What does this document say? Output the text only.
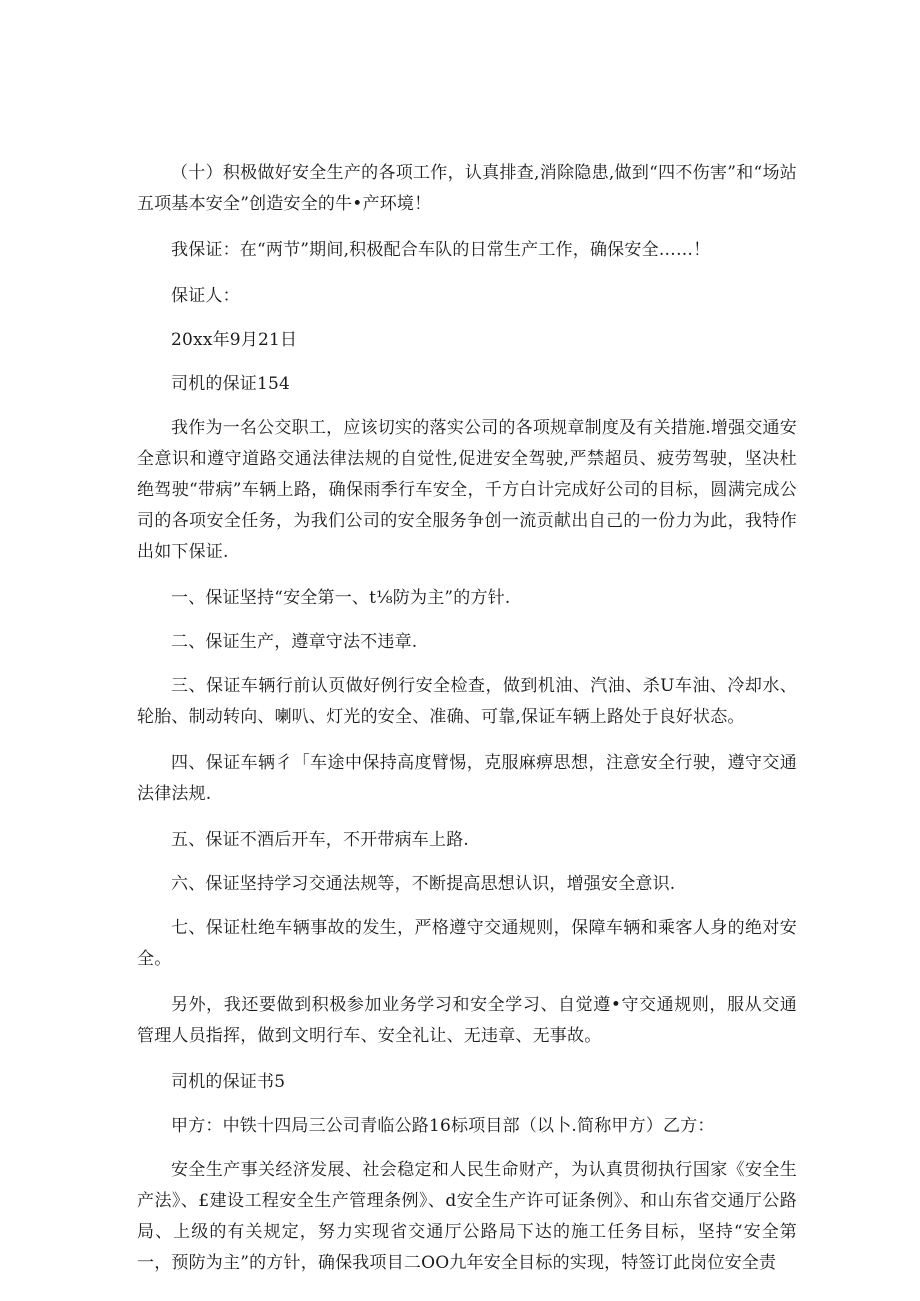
（十）积极做好安全生产的各项工作，认真排查,消除隐患,做到“四不伤害”和“场站五项基本安全”创造安全的牛•产环境！

我保证：在“两节”期间,积极配合车队的日常生产工作，确保安全……！

保证人：

20xx年9月21日

司机的保证154

我作为一名公交职工，应该切实的落实公司的各项规章制度及有关措施.增强交通安全意识和遵守道路交通法律法规的自觉性,促进安全驾驶,严禁超员、疲劳驾驶，坚决杜绝驾驶“带病”车辆上路，确保雨季行车安全，千方白计完成好公司的目标，圆满完成公司的各项安全任务，为我们公司的安全服务争创一流贡献出自己的一份力为此，我特作出如下保证.

一、保证坚持“安全第一、t⅛防为主”的方针.

二、保证生产，遵章守法不违章.

三、保证车辆行前认页做好例行安全检查，做到机油、汽油、杀U车油、冷却水、轮胎、制动转向、喇叭、灯光的安全、准确、可靠,保证车辆上路处于良好状态。

四、保证车辆彳「车途中保持高度臂惕，克服麻痹思想，注意安全行驶，遵守交通法律法规.

五、保证不酒后开车，不开带病车上路.

六、保证坚持学习交通法规等，不断提高思想认识，增强安全意识.

七、保证杜绝车辆事故的发生，严格遵守交通规则，保障车辆和乘客人身的绝对安全。

另外，我还要做到积极参加业务学习和安全学习、自觉遵•守交通规则，服从交通管理人员指挥，做到文明行车、安全礼让、无违章、无事故。

司机的保证书5

甲方：中铁十四局三公司青临公路16标项目部（以卜.简称甲方）乙方：

安全生产事关经济发展、社会稳定和人民生命财产，为认真贯彻执行国家《安全生产法》、£建设工程安全生产管理条例》、d安全生产许可证条例》、和山东省交通厅公路局、上级的有关规定，努力实现省交通厅公路局下达的施工任务目标，坚持“安全第一，预防为主”的方针，确保我项目二OO九年安全目标的实现，特签订此岗位安全责
